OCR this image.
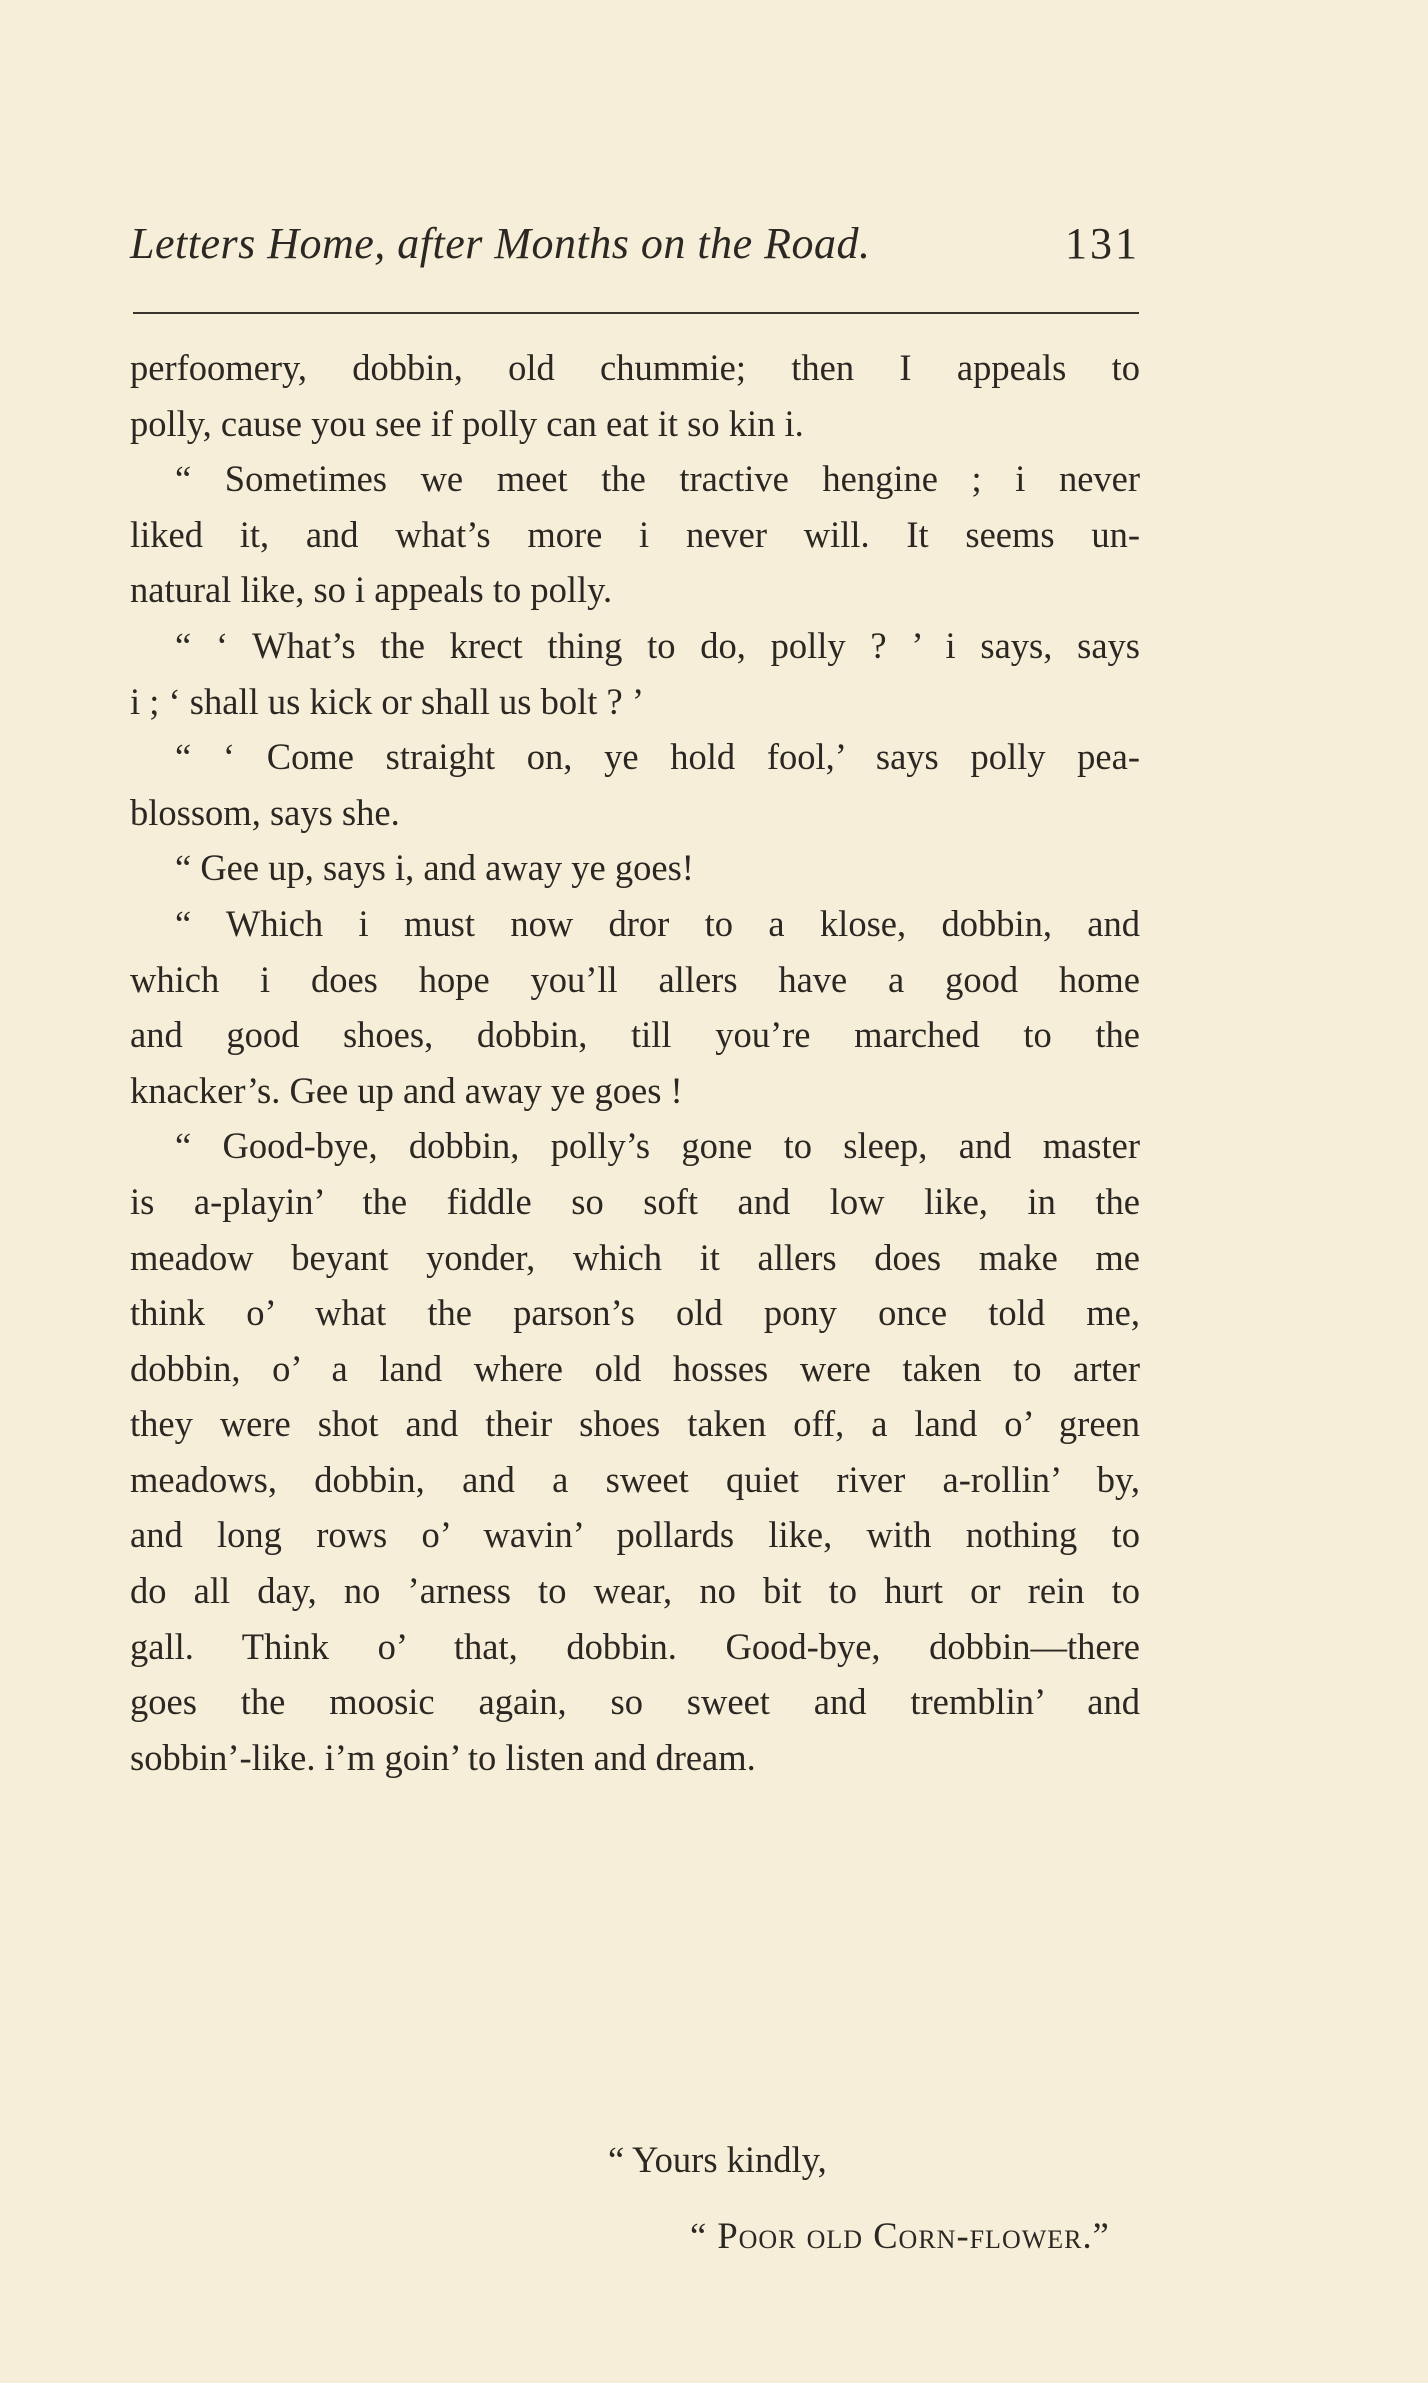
Letters Home, after Months on the Road.	131
perfoomery, dobbin, old chummie; then I appeals to
polly, cause you see if polly can eat it so kin i.
“ Sometimes we meet the tractive hengine ; i never
liked it, and what’s more i never will. It seems un-
natural like, so i appeals to polly.
“ ‘ What’s the krect thing to do, polly ? ’ i says, says
i ; ‘ shall us kick or shall us bolt ? ’
“ ‘ Come straight on, ye hold fool,’ says polly pea-
blossom, says she.
“ Gee up, says i, and away ye goes!
“ Which i must now dror to a klose, dobbin, and
which i does hope you’ll allers have a good home
and good shoes, dobbin, till you’re marched to the
knacker’s. Gee up and away ye goes !
“ Good-bye, dobbin, polly’s gone to sleep, and master
is a-playin’ the fiddle so soft and low like, in the
meadow beyant yonder, which it allers does make me
think o’ what the parson’s old pony once told me,
dobbin, o’ a land where old hosses were taken to arter
they were shot and their shoes taken off, a land o’ green
meadows, dobbin, and a sweet quiet river a-rollin’ by,
and long rows o’ wavin’ pollards like, with nothing to
do all day, no ’arness to wear, no bit to hurt or rein to
gall. Think o’ that, dobbin. Good-bye, dobbin—there
goes the moosic again, so sweet and tremblin’ and
sobbin’-like. i’m goin’ to listen and dream.
“ Yours kindly,
“ Poor old Corn-flower.”
